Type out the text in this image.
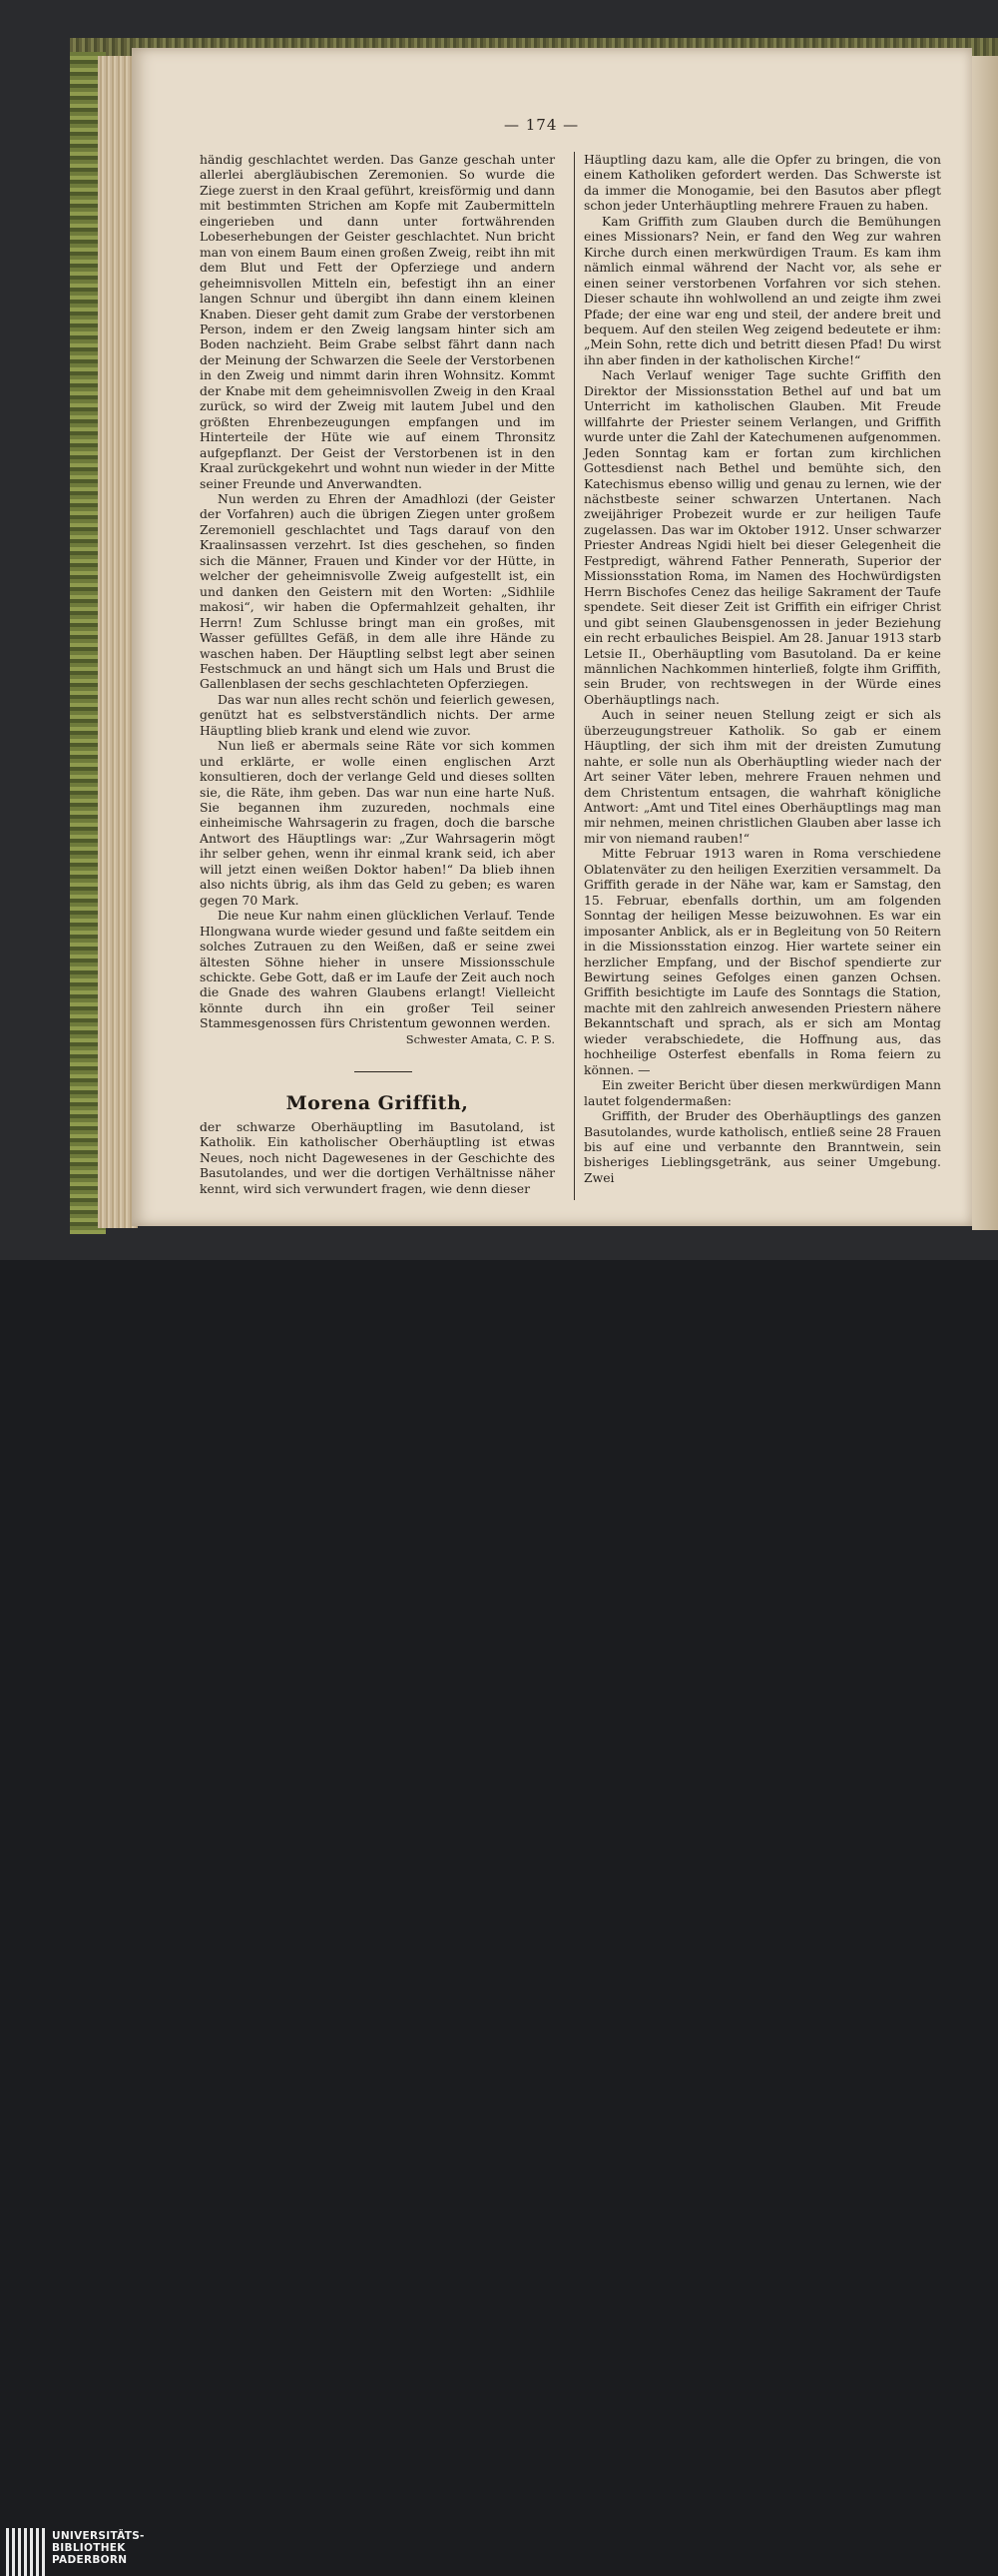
— 174 —

händig geschlachtet werden. Das Ganze geschah unter allerlei abergläubischen Zeremonien. So wurde die Ziege zuerst in den Kraal geführt, kreisförmig und dann mit bestimmten Strichen am Kopfe mit Zaubermitteln eingerieben und dann unter fortwährenden Lobeserhebungen der Geister geschlachtet. Nun bricht man von einem Baum einen großen Zweig, reibt ihn mit dem Blut und Fett der Opferziege und andern geheimnisvollen Mitteln ein, befestigt ihn an einer langen Schnur und übergibt ihn dann einem kleinen Knaben. Dieser geht damit zum Grabe der verstorbenen Person, indem er den Zweig langsam hinter sich am Boden nachzieht. Beim Grabe selbst fährt dann nach der Meinung der Schwarzen die Seele der Verstorbenen in den Zweig und nimmt darin ihren Wohnsitz. Kommt der Knabe mit dem geheimnisvollen Zweig in den Kraal zurück, so wird der Zweig mit lautem Jubel und den größten Ehrenbezeugungen empfangen und im Hinterteile der Hüte wie auf einem Thronsitz aufgepflanzt. Der Geist der Verstorbenen ist in den Kraal zurückgekehrt und wohnt nun wieder in der Mitte seiner Freunde und Anverwandten.

Nun werden zu Ehren der Amadhlozi (der Geister der Vorfahren) auch die übrigen Ziegen unter großem Zeremoniell geschlachtet und Tags darauf von den Kraalinsassen verzehrt. Ist dies geschehen, so finden sich die Männer, Frauen und Kinder vor der Hütte, in welcher der geheimnisvolle Zweig aufgestellt ist, ein und danken den Geistern mit den Worten: „Sidhlile makosi“, wir haben die Opfermahlzeit gehalten, ihr Herrn! Zum Schlusse bringt man ein großes, mit Wasser gefülltes Gefäß, in dem alle ihre Hände zu waschen haben. Der Häuptling selbst legt aber seinen Festschmuck an und hängt sich um Hals und Brust die Gallenblasen der sechs geschlachteten Opferziegen.

Das war nun alles recht schön und feierlich gewesen, genützt hat es selbstverständlich nichts. Der arme Häuptling blieb krank und elend wie zuvor.

Nun ließ er abermals seine Räte vor sich kommen und erklärte, er wolle einen englischen Arzt konsultieren, doch der verlange Geld und dieses sollten sie, die Räte, ihm geben. Das war nun eine harte Nuß. Sie begannen ihm zuzureden, nochmals eine einheimische Wahrsagerin zu fragen, doch die barsche Antwort des Häuptlings war: „Zur Wahrsagerin mögt ihr selber gehen, wenn ihr einmal krank seid, ich aber will jetzt einen weißen Doktor haben!“ Da blieb ihnen also nichts übrig, als ihm das Geld zu geben; es waren gegen 70 Mark.

Die neue Kur nahm einen glücklichen Verlauf. Tende Hlongwana wurde wieder gesund und faßte seitdem ein solches Zutrauen zu den Weißen, daß er seine zwei ältesten Söhne hieher in unsere Missionsschule schickte. Gebe Gott, daß er im Laufe der Zeit auch noch die Gnade des wahren Glaubens erlangt! Vielleicht könnte durch ihn ein großer Teil seiner Stammesgenossen fürs Christentum gewonnen werden.

Schwester Amata, C. P. S.

Morena Griffith,

der schwarze Oberhäuptling im Basutoland, ist Katholik. Ein katholischer Oberhäuptling ist etwas Neues, noch nicht Dagewesenes in der Geschichte des Basutolandes, und wer die dortigen Verhältnisse näher kennt, wird sich verwundert fragen, wie denn dieser

Häuptling dazu kam, alle die Opfer zu bringen, die von einem Katholiken gefordert werden. Das Schwerste ist da immer die Monogamie, bei den Basutos aber pflegt schon jeder Unterhäuptling mehrere Frauen zu haben.

Kam Griffith zum Glauben durch die Bemühungen eines Missionars? Nein, er fand den Weg zur wahren Kirche durch einen merkwürdigen Traum. Es kam ihm nämlich einmal während der Nacht vor, als sehe er einen seiner verstorbenen Vorfahren vor sich stehen. Dieser schaute ihn wohlwollend an und zeigte ihm zwei Pfade; der eine war eng und steil, der andere breit und bequem. Auf den steilen Weg zeigend bedeutete er ihm: „Mein Sohn, rette dich und betritt diesen Pfad! Du wirst ihn aber finden in der katholischen Kirche!“

Nach Verlauf weniger Tage suchte Griffith den Direktor der Missionsstation Bethel auf und bat um Unterricht im katholischen Glauben. Mit Freude willfahrte der Priester seinem Verlangen, und Griffith wurde unter die Zahl der Katechumenen aufgenommen. Jeden Sonntag kam er fortan zum kirchlichen Gottesdienst nach Bethel und bemühte sich, den Katechismus ebenso willig und genau zu lernen, wie der nächstbeste seiner schwarzen Untertanen. Nach zweijähriger Probezeit wurde er zur heiligen Taufe zugelassen. Das war im Oktober 1912. Unser schwarzer Priester Andreas Ngidi hielt bei dieser Gelegenheit die Festpredigt, während Father Pennerath, Superior der Missionsstation Roma, im Namen des Hochwürdigsten Herrn Bischofes Cenez das heilige Sakrament der Taufe spendete. Seit dieser Zeit ist Griffith ein eifriger Christ und gibt seinen Glaubensgenossen in jeder Beziehung ein recht erbauliches Beispiel. Am 28. Januar 1913 starb Letsie II., Oberhäuptling vom Basutoland. Da er keine männlichen Nachkommen hinterließ, folgte ihm Griffith, sein Bruder, von rechtswegen in der Würde eines Oberhäuptlings nach.

Auch in seiner neuen Stellung zeigt er sich als überzeugungstreuer Katholik. So gab er einem Häuptling, der sich ihm mit der dreisten Zumutung nahte, er solle nun als Oberhäuptling wieder nach der Art seiner Väter leben, mehrere Frauen nehmen und dem Christentum entsagen, die wahrhaft königliche Antwort: „Amt und Titel eines Oberhäuptlings mag man mir nehmen, meinen christlichen Glauben aber lasse ich mir von niemand rauben!“

Mitte Februar 1913 waren in Roma verschiedene Oblatenväter zu den heiligen Exerzitien versammelt. Da Griffith gerade in der Nähe war, kam er Samstag, den 15. Februar, ebenfalls dorthin, um am folgenden Sonntag der heiligen Messe beizuwohnen. Es war ein imposanter Anblick, als er in Begleitung von 50 Reitern in die Missionsstation einzog. Hier wartete seiner ein herzlicher Empfang, und der Bischof spendierte zur Bewirtung seines Gefolges einen ganzen Ochsen. Griffith besichtigte im Laufe des Sonntags die Station, machte mit den zahlreich anwesenden Priestern nähere Bekanntschaft und sprach, als er sich am Montag wieder verabschiedete, die Hoffnung aus, das hochheilige Osterfest ebenfalls in Roma feiern zu können. —

Ein zweiter Bericht über diesen merkwürdigen Mann lautet folgendermaßen:

Griffith, der Bruder des Oberhäuptlings des ganzen Basutolandes, wurde katholisch, entließ seine 28 Frauen bis auf eine und verbannte den Branntwein, sein bisheriges Lieblingsgetränk, aus seiner Umgebung. Zwei

UNIVERSITÄTS-
BIBLIOTHEK
PADERBORN
